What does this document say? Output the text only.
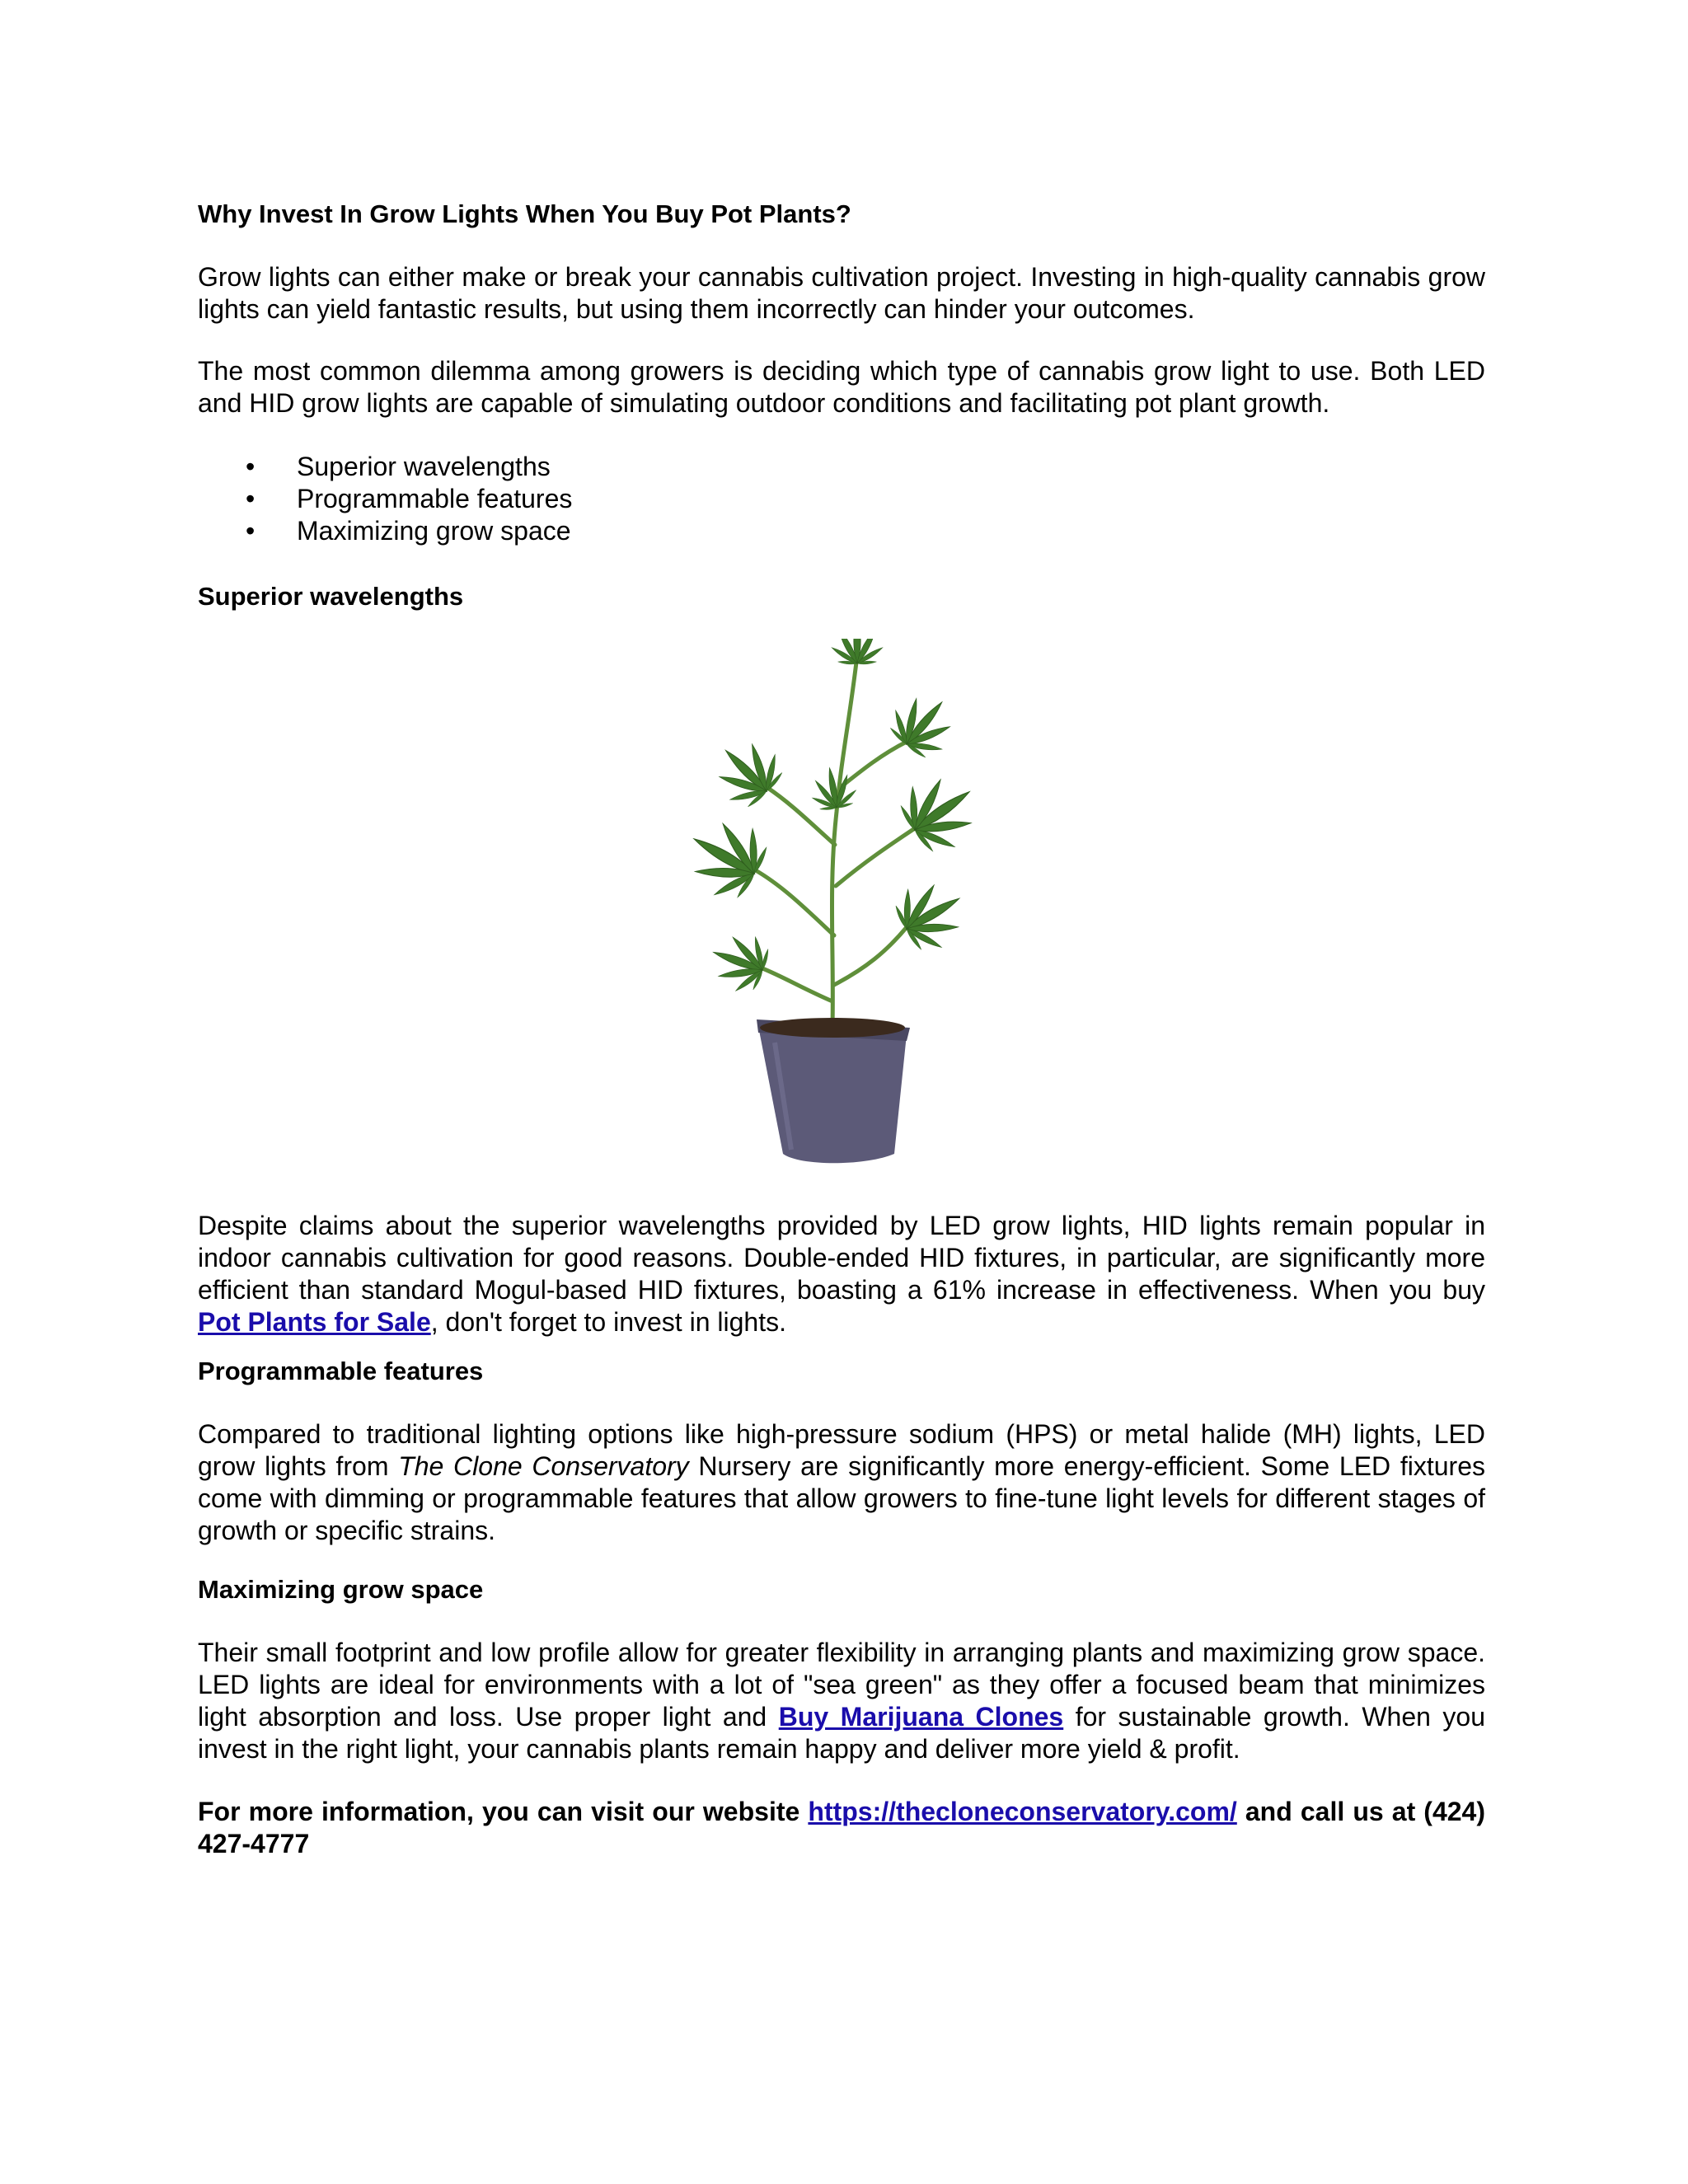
Why Invest In Grow Lights When You Buy Pot Plants?

Grow lights can either make or break your cannabis cultivation project. Investing in high-quality cannabis grow lights can yield fantastic results, but using them incorrectly can hinder your outcomes.

The most common dilemma among growers is deciding which type of cannabis grow light to use. Both LED and HID grow lights are capable of simulating outdoor conditions and facilitating pot plant growth.

• Superior wavelengths
• Programmable features
• Maximizing grow space

Superior wavelengths

Despite claims about the superior wavelengths provided by LED grow lights, HID lights remain popular in indoor cannabis cultivation for good reasons. Double-ended HID fixtures, in particular, are significantly more efficient than standard Mogul-based HID fixtures, boasting a 61% increase in effectiveness. When you buy Pot Plants for Sale, don't forget to invest in lights.

Programmable features

Compared to traditional lighting options like high-pressure sodium (HPS) or metal halide (MH) lights, LED grow lights from The Clone Conservatory Nursery are significantly more energy-efficient. Some LED fixtures come with dimming or programmable features that allow growers to fine-tune light levels for different stages of growth or specific strains.

Maximizing grow space

Their small footprint and low profile allow for greater flexibility in arranging plants and maximizing grow space. LED lights are ideal for environments with a lot of "sea green" as they offer a focused beam that minimizes light absorption and loss. Use proper light and Buy Marijuana Clones for sustainable growth. When you invest in the right light, your cannabis plants remain happy and deliver more yield & profit.

For more information, you can visit our website https://thecloneconservatory.com/ and call us at (424) 427-4777
